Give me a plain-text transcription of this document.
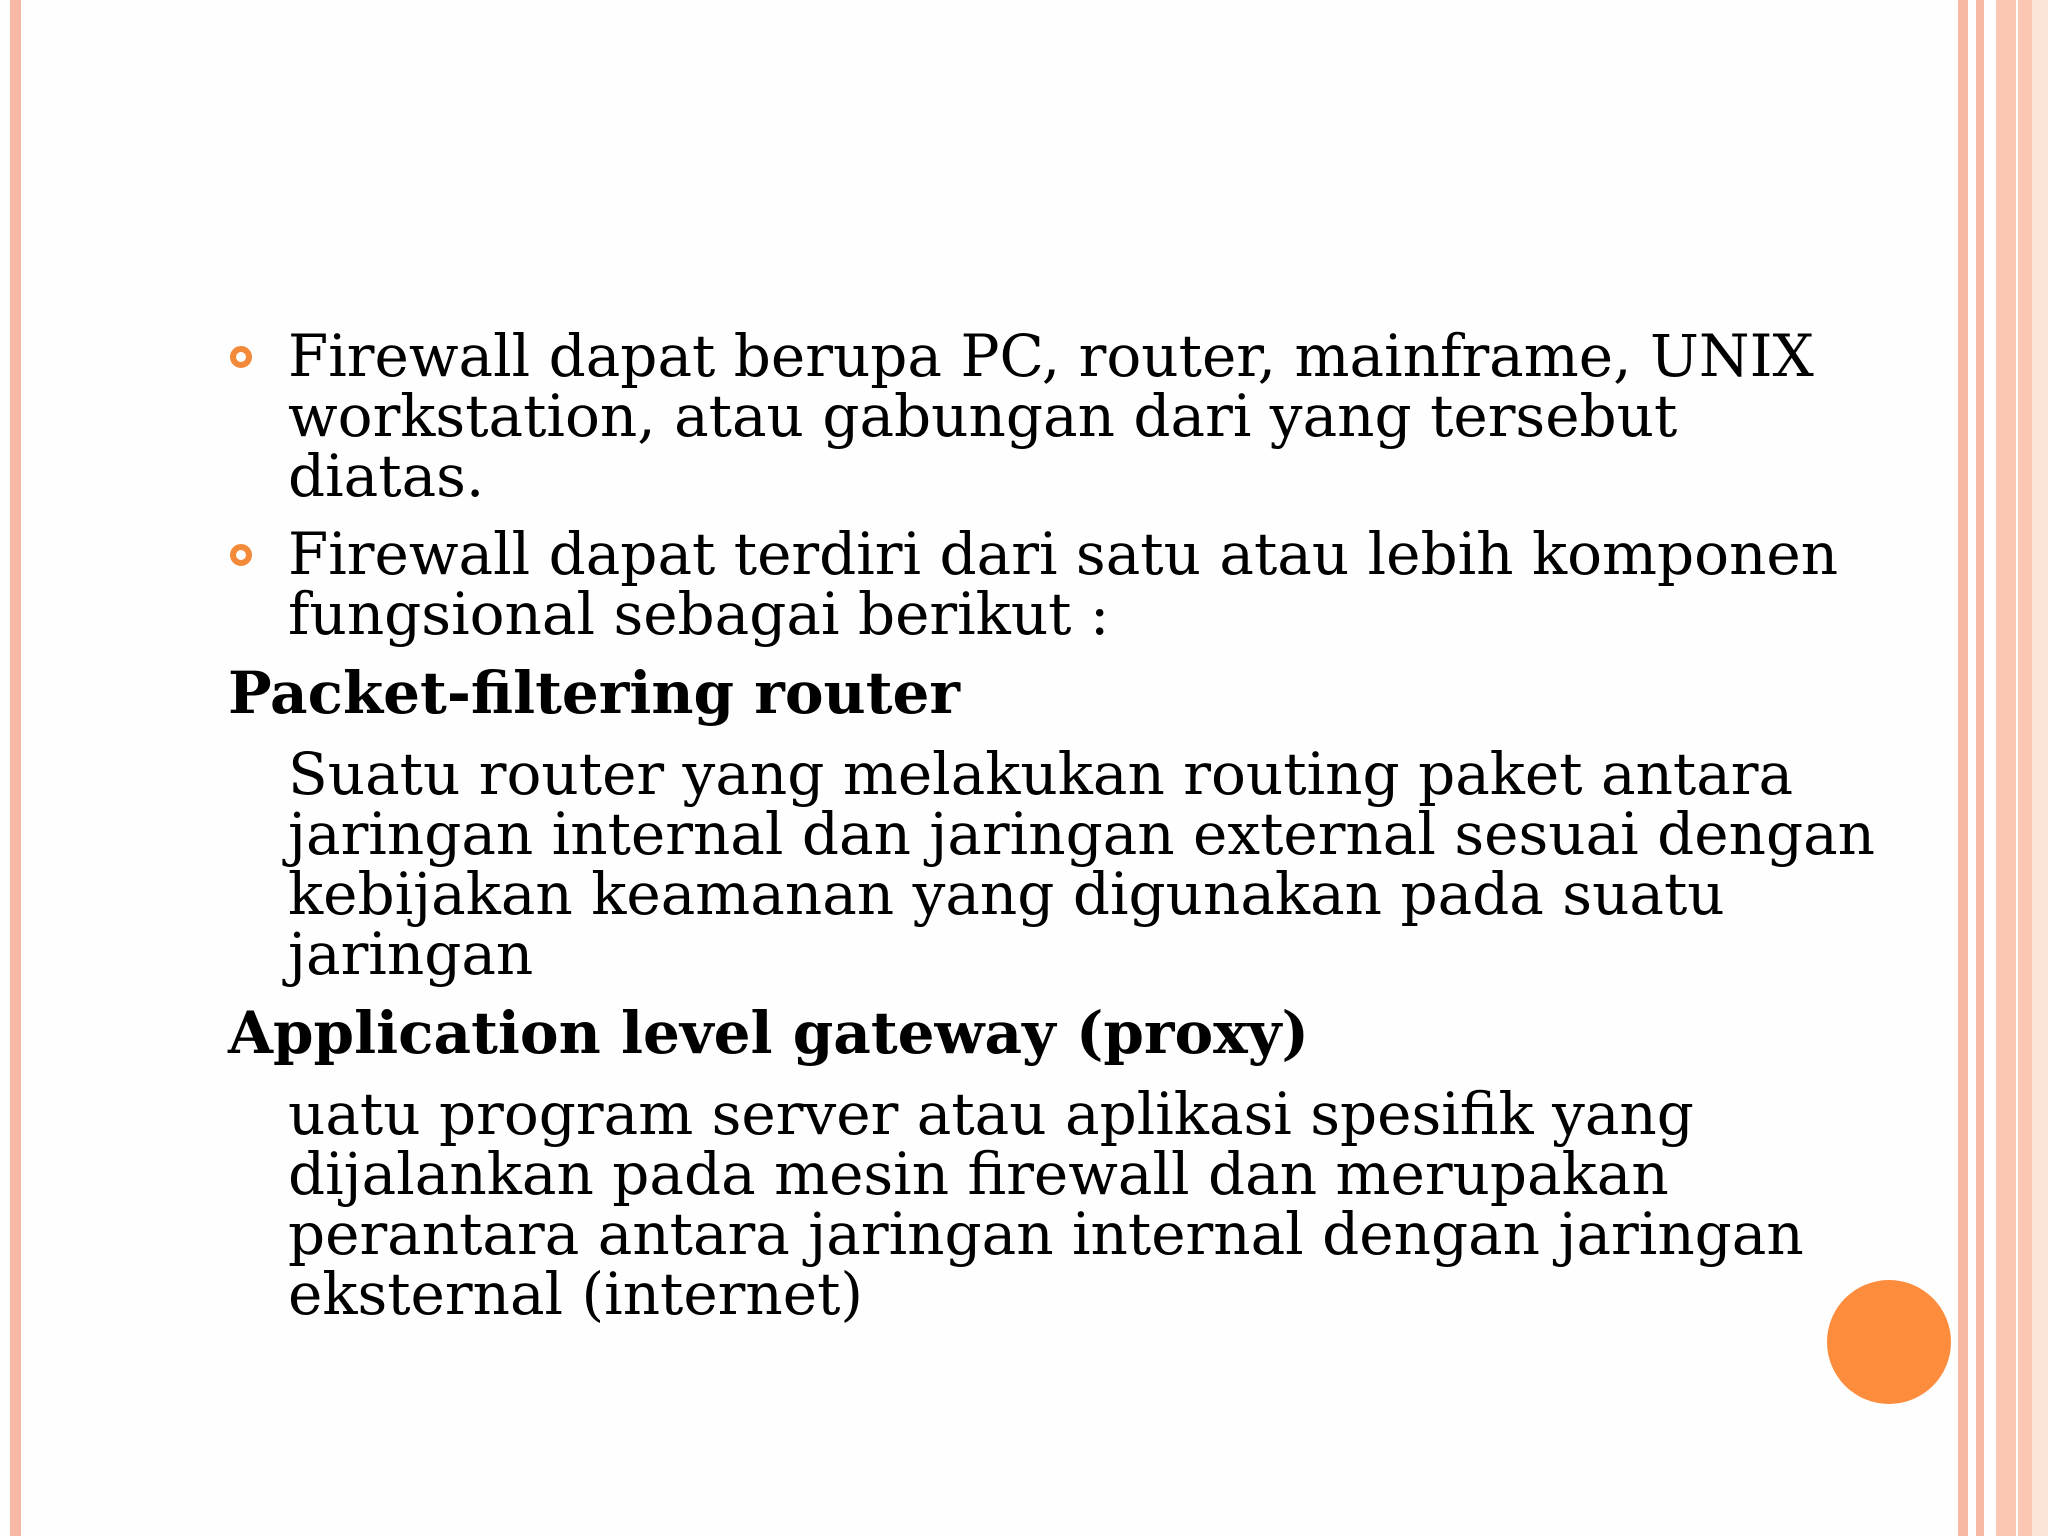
Firewall dapat berupa PC, router, mainframe, UNIX workstation, atau gabungan dari yang tersebut diatas.
Firewall dapat terdiri dari satu atau lebih komponen fungsional sebagai berikut :
Packet-filtering router
Suatu router yang melakukan routing paket antara jaringan internal dan jaringan external sesuai dengan kebijakan keamanan yang digunakan pada suatu jaringan
Application level gateway (proxy)
uatu program server atau aplikasi spesifik yang dijalankan pada mesin firewall dan merupakan perantara antara jaringan internal dengan jaringan eksternal (internet)
